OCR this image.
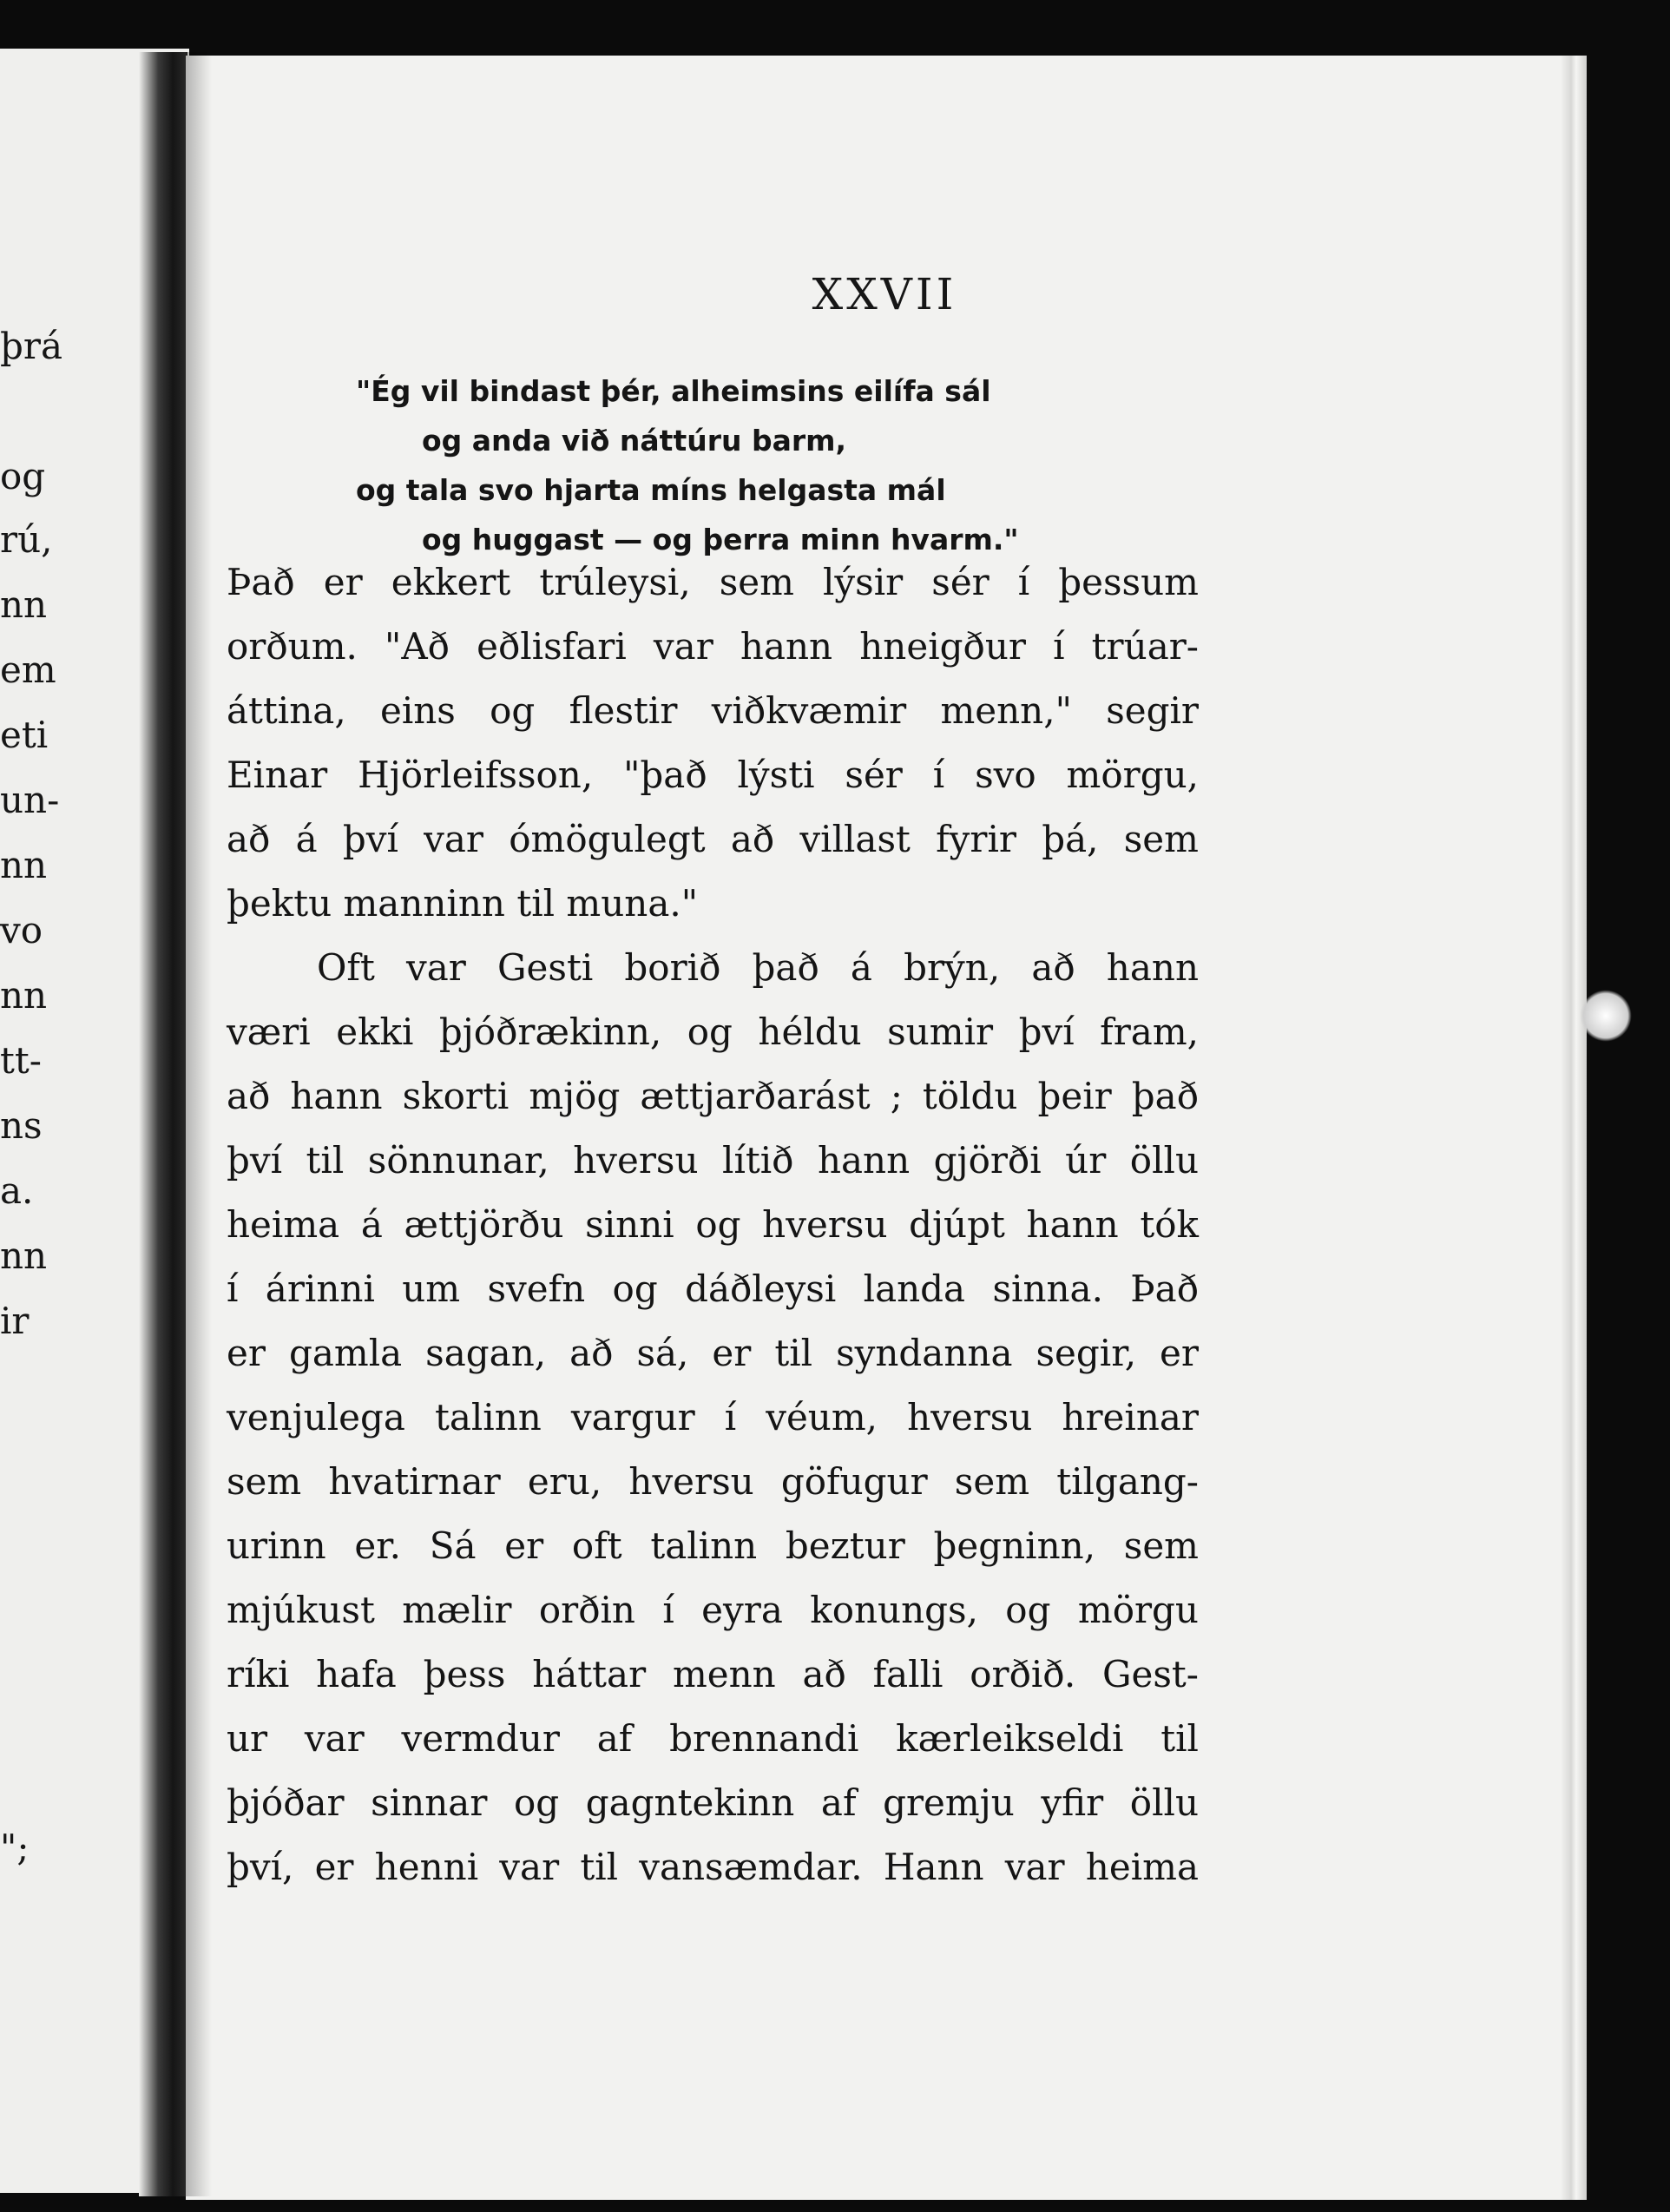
þrá
og
rú,
nn
em
eti
un-
nn
vo
nn
tt-
ns
a.
nn
ir
";
XXVII
"Ég vil bindast þér, alheimsins eilífa sál
og anda við náttúru barm,
og tala svo hjarta míns helgasta mál
og huggast — og þerra minn hvarm."
Það er ekkert trúleysi, sem lýsir sér í þessum
orðum. "Að eðlisfari var hann hneigður í trúar-
áttina, eins og flestir viðkvæmir menn," segir
Einar Hjörleifsson, "það lýsti sér í svo mörgu,
að á því var ómögulegt að villast fyrir þá, sem
þektu manninn til muna."
Oft var Gesti borið það á brýn, að hann
væri ekki þjóðrækinn, og héldu sumir því fram,
að hann skorti mjög ættjarðarást ; töldu þeir það
því til sönnunar, hversu lítið hann gjörði úr öllu
heima á ættjörðu sinni og hversu djúpt hann tók
í árinni um svefn og dáðleysi landa sinna. Það
er gamla sagan, að sá, er til syndanna segir, er
venjulega talinn vargur í véum, hversu hreinar
sem hvatirnar eru, hversu göfugur sem tilgang-
urinn er. Sá er oft talinn beztur þegninn, sem
mjúkust mælir orðin í eyra konungs, og mörgu
ríki hafa þess háttar menn að falli orðið. Gest-
ur var vermdur af brennandi kærleikseldi til
þjóðar sinnar og gagntekinn af gremju yfir öllu
því, er henni var til vansæmdar. Hann var heima
